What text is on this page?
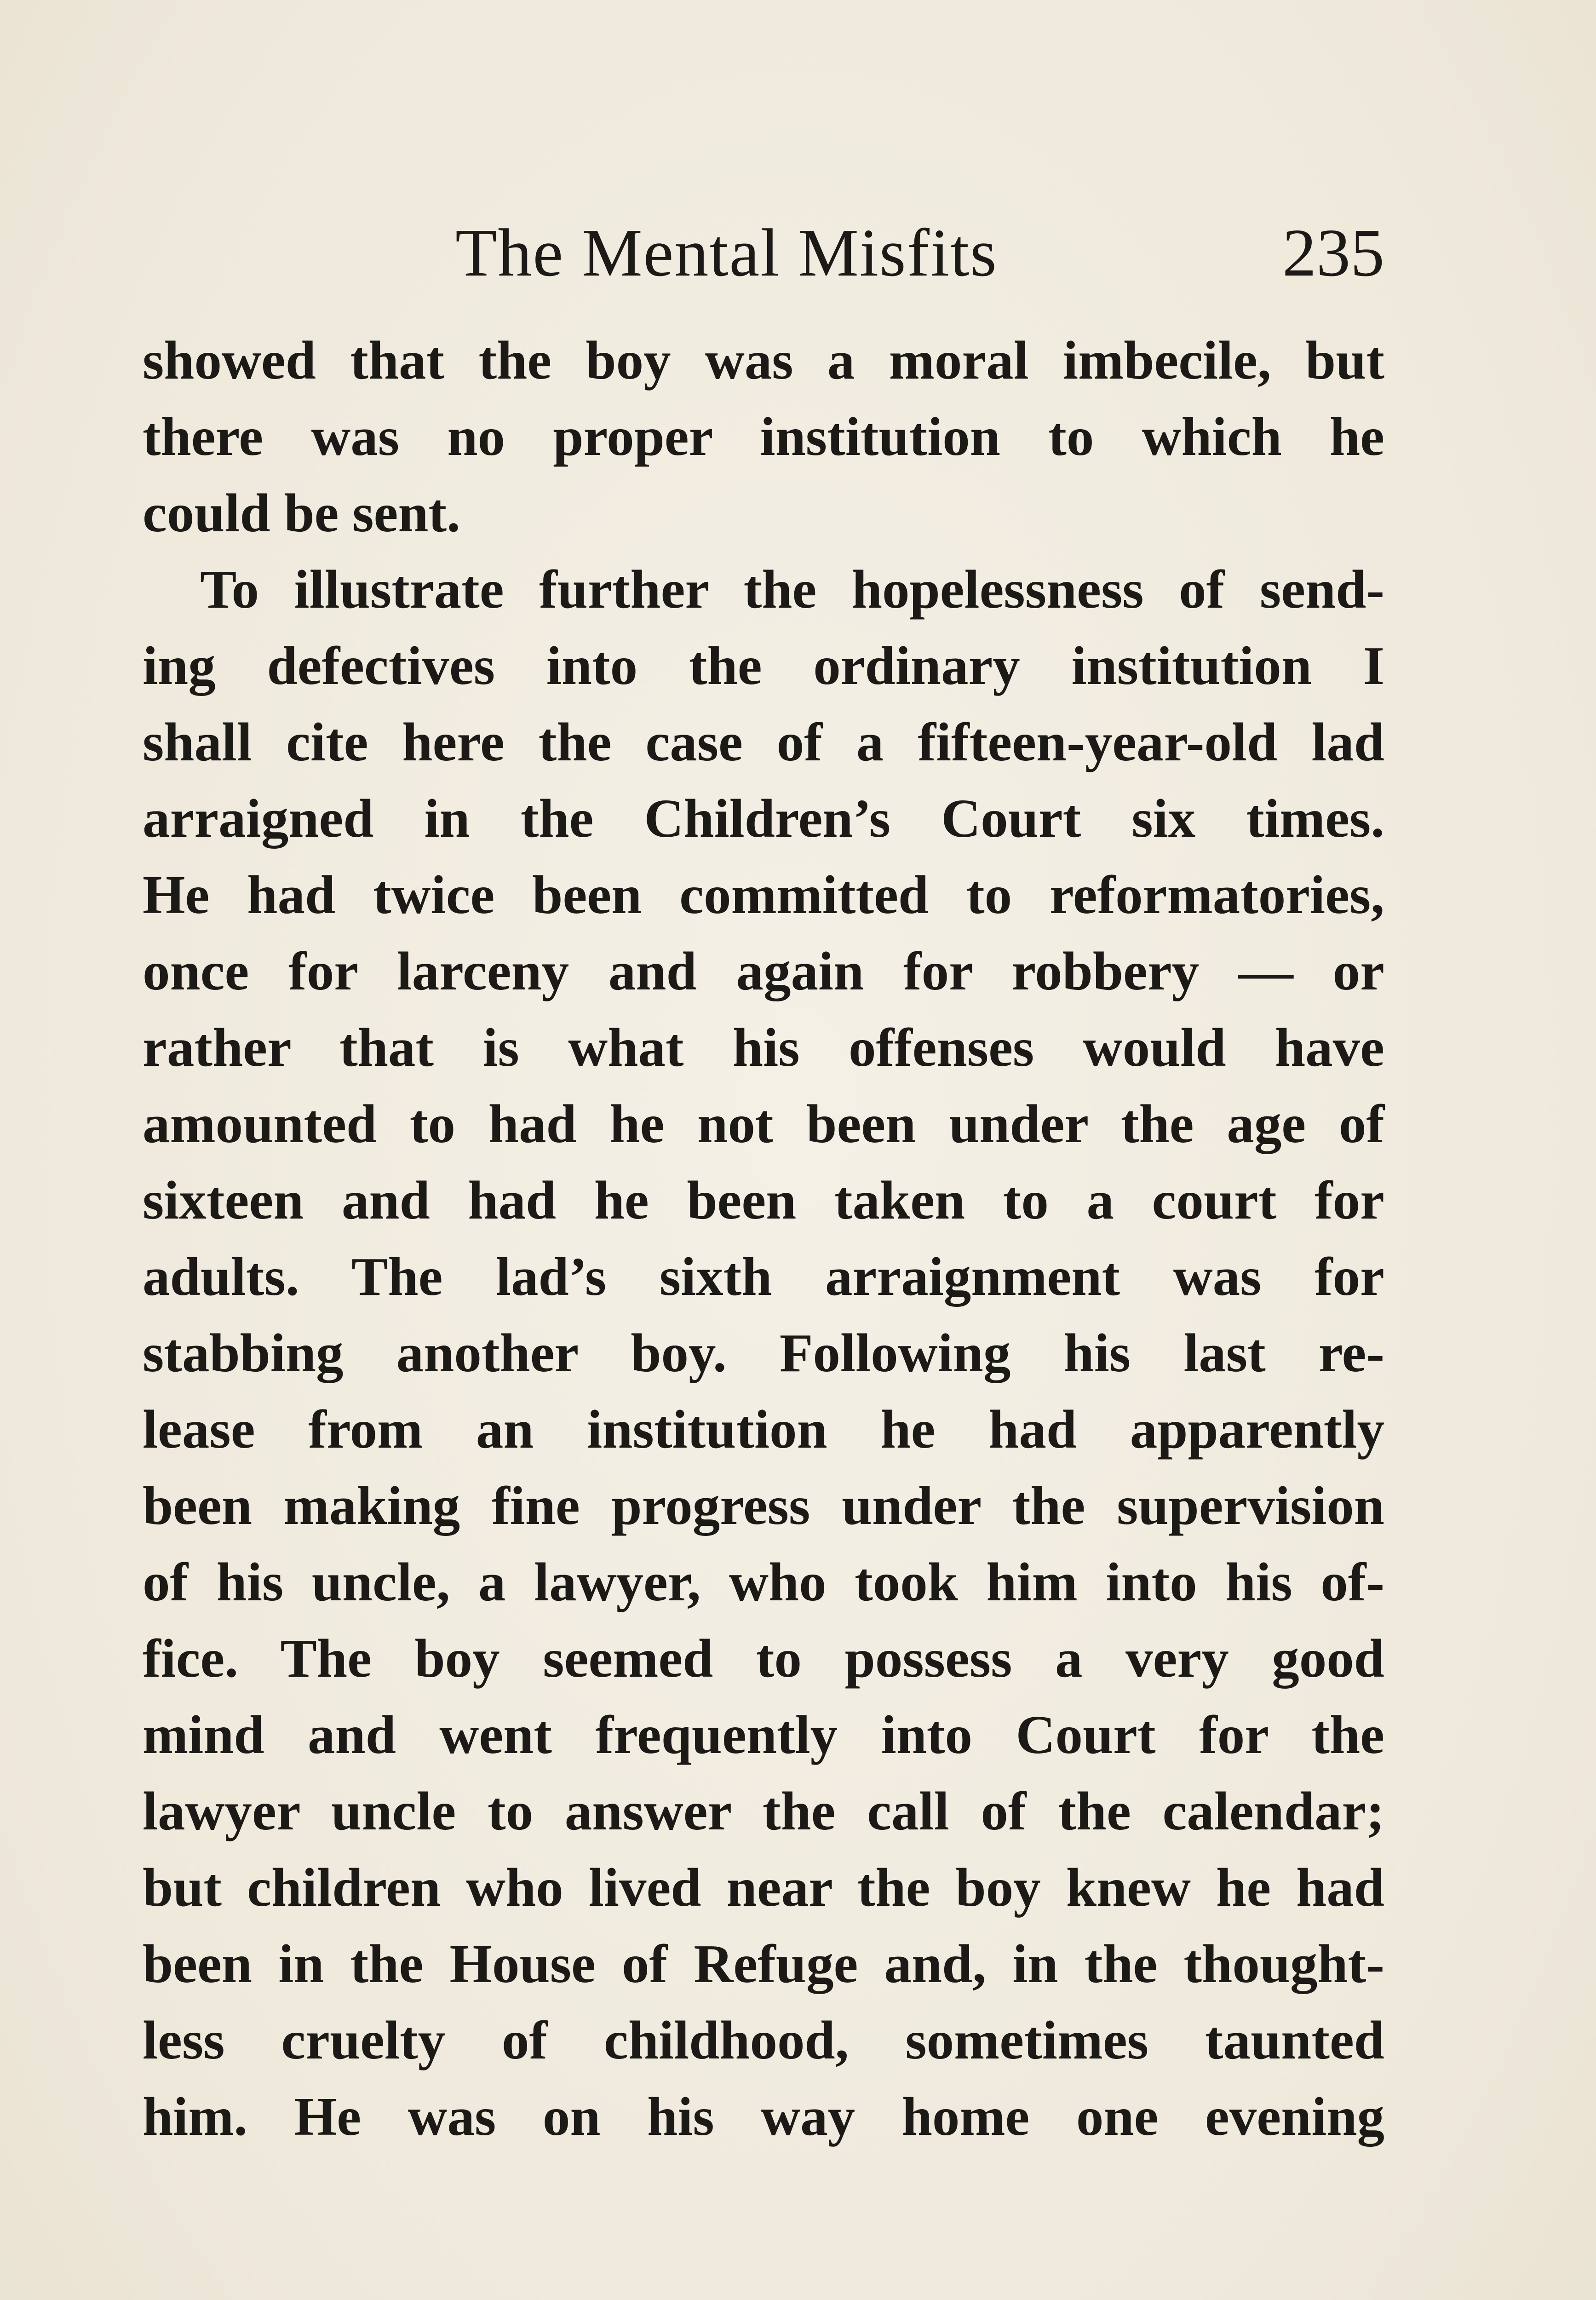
The Mental Misfits	235
showed that the boy was a moral imbecile, but
there was no proper institution to which he
could be sent.
To illustrate further the hopelessness of send-
ing defectives into the ordinary institution I
shall cite here the case of a fifteen-year-old lad
arraigned in the Children’s Court six times.
He had twice been committed to reformatories,
once for larceny and again for robbery — or
rather that is what his offenses would have
amounted to had he not been under the age of
sixteen and had he been taken to a court for
adults. The lad’s sixth arraignment was for
stabbing another boy. Following his last re-
lease from an institution he had apparently
been making fine progress under the supervision
of his uncle, a lawyer, who took him into his of-
fice. The boy seemed to possess a very good
mind and went frequently into Court for the
lawyer uncle to answer the call of the calendar;
but children who lived near the boy knew he had
been in the House of Refuge and, in the thought-
less cruelty of childhood, sometimes taunted
him. He was on his way home one evening
